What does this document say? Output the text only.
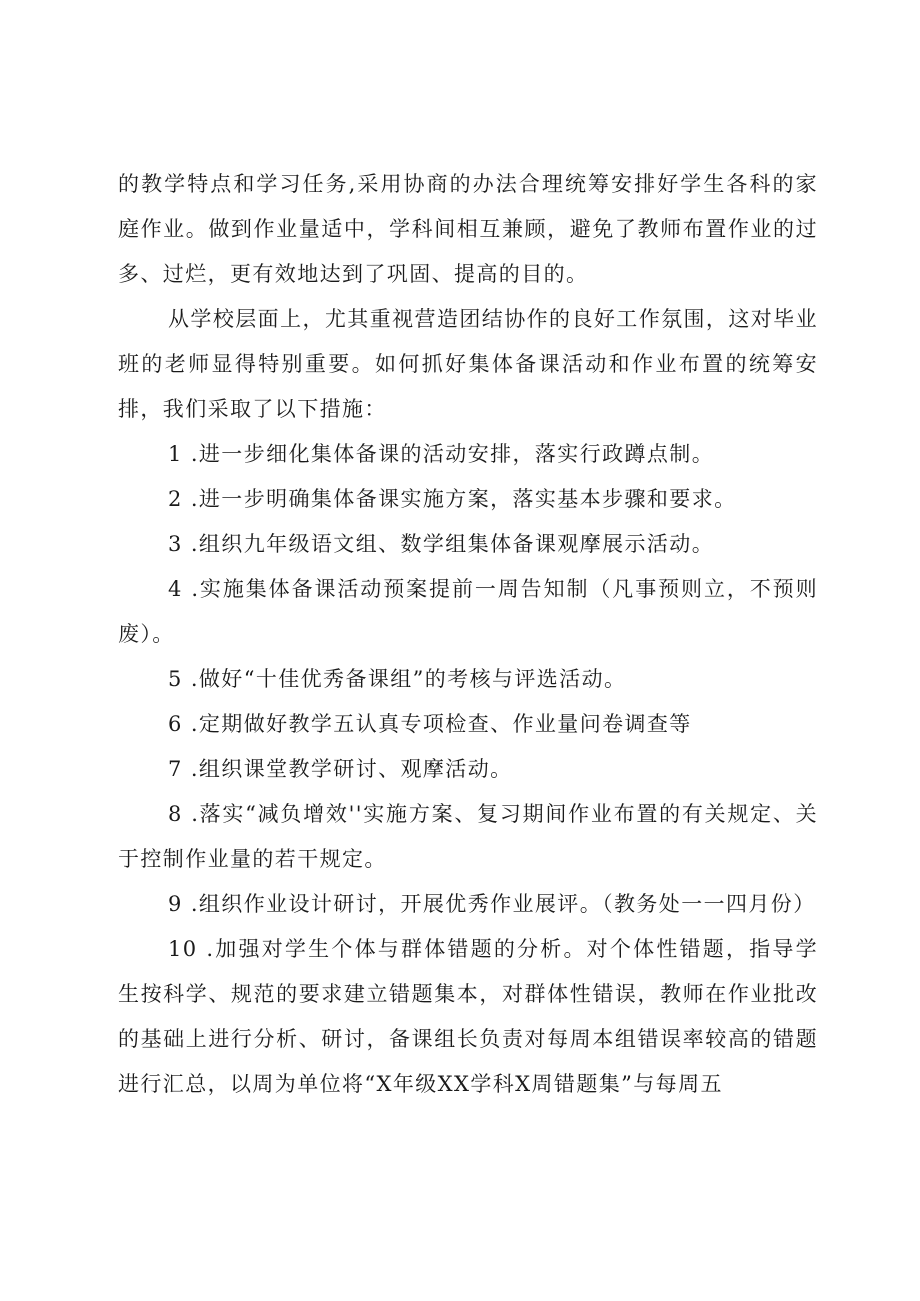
的教学特点和学习任务,采用协商的办法合理统筹安排好学生各科的家庭作业。做到作业量适中，学科间相互兼顾，避免了教师布置作业的过多、过烂，更有效地达到了巩固、提高的目的。

从学校层面上，尤其重视营造团结协作的良好工作氛围，这对毕业班的老师显得特别重要。如何抓好集体备课活动和作业布置的统筹安排，我们采取了以下措施：

1 .进一步细化集体备课的活动安排，落实行政蹲点制。

2 .进一步明确集体备课实施方案，落实基本步骤和要求。

3 .组织九年级语文组、数学组集体备课观摩展示活动。

4 .实施集体备课活动预案提前一周告知制（凡事预则立，不预则废）。

5 .做好“十佳优秀备课组”的考核与评选活动。

6 .定期做好教学五认真专项检查、作业量问卷调查等

7 .组织课堂教学研讨、观摩活动。

8 .落实“减负增效''实施方案、复习期间作业布置的有关规定、关于控制作业量的若干规定。

9 .组织作业设计研讨，开展优秀作业展评。（教务处一一四月份）

10 .加强对学生个体与群体错题的分析。对个体性错题，指导学生按科学、规范的要求建立错题集本，对群体性错误，教师在作业批改的基础上进行分析、研讨，备课组长负责对每周本组错误率较高的错题进行汇总，以周为单位将“X年级XX学科X周错题集”与每周五
